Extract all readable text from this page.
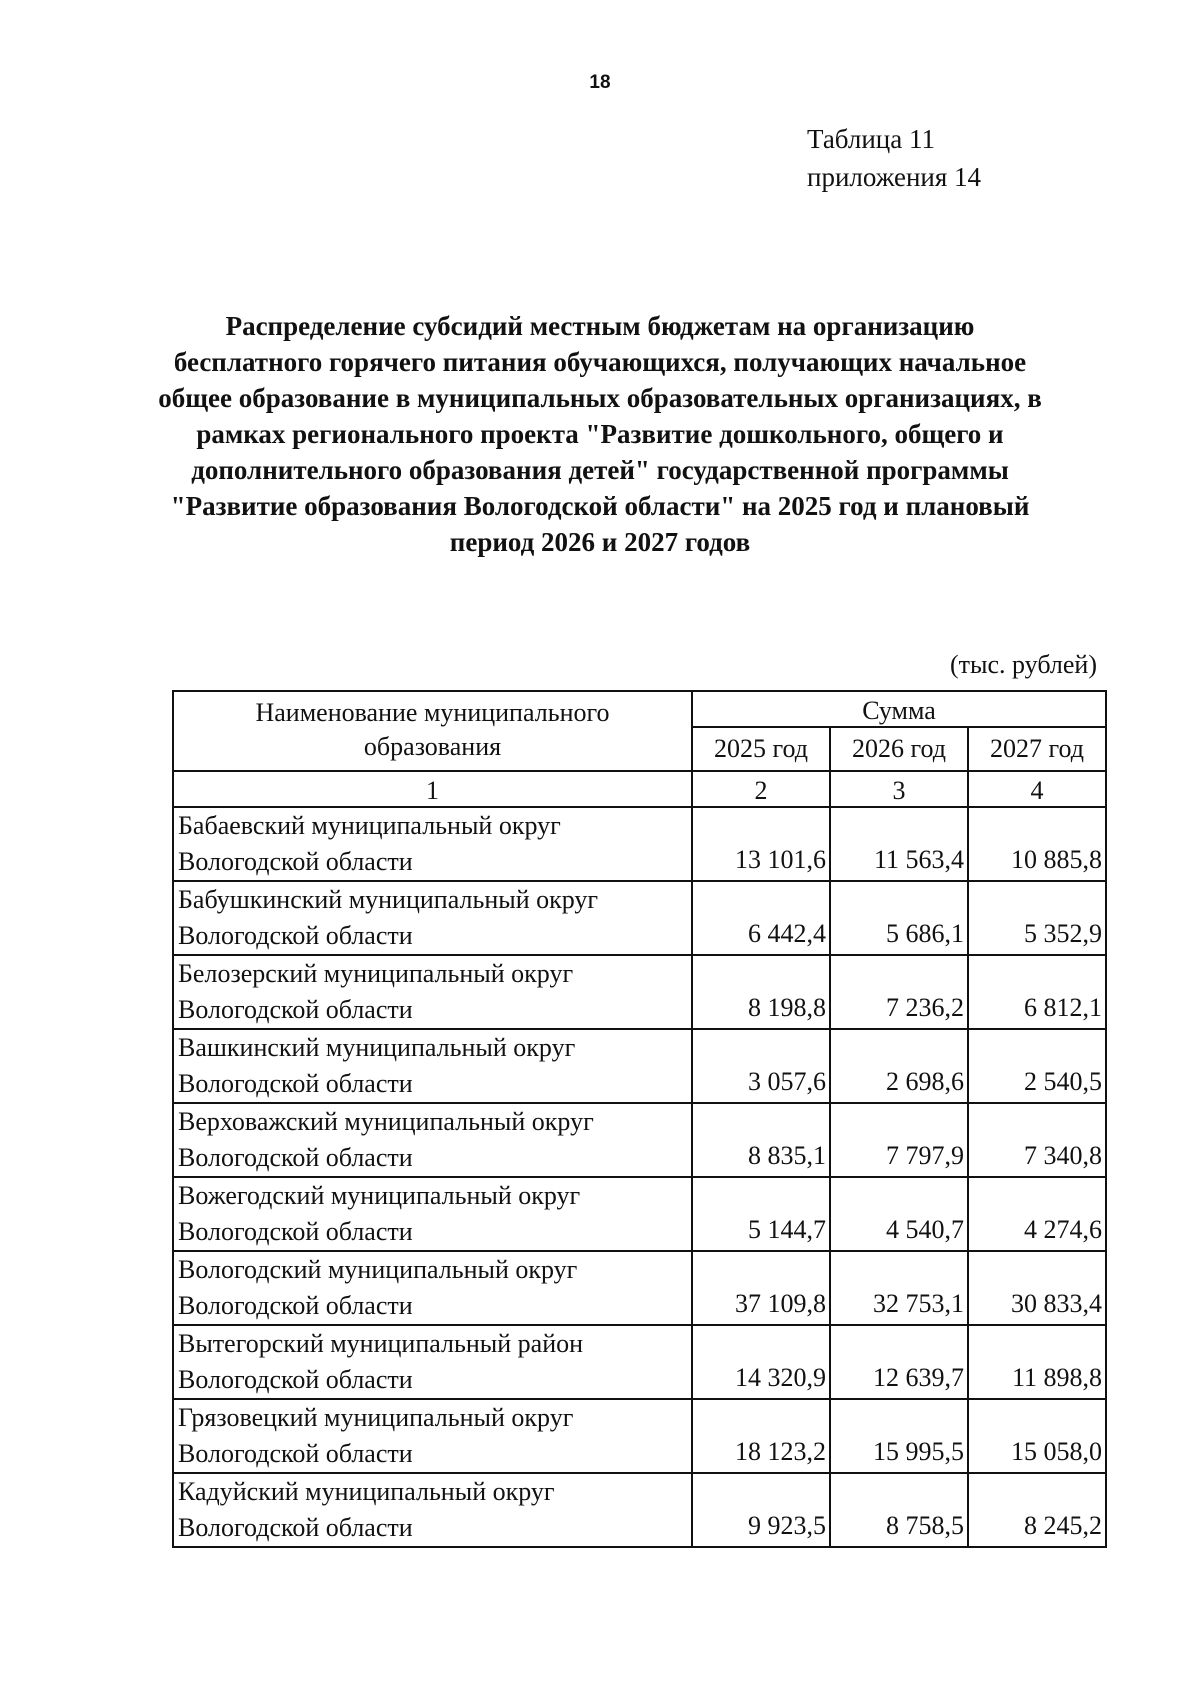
18
Таблица 11
приложения 14
Распределение субсидий местным бюджетам на организацию
бесплатного горячего питания обучающихся, получающих начальное
общее образование в муниципальных образовательных организациях, в
рамках регионального проекта "Развитие дошкольного, общего и
дополнительного образования детей" государственной программы
"Развитие образования Вологодской области" на 2025 год и плановый
период 2026 и 2027 годов
(тыс. рублей)
Наименование муниципального
образования	Сумма		
	2025 год	2026 год	2027 год
1	2	3	4

Бабаевский муниципальный округ
Вологодской области	13 101,6	11 563,4	10 885,8

Бабушкинский муниципальный округ
Вологодской области	6 442,4	5 686,1	5 352,9

Белозерский муниципальный округ
Вологодской области	8 198,8	7 236,2	6 812,1

Вашкинский муниципальный округ
Вологодской области	3 057,6	2 698,6	2 540,5

Верховажский муниципальный округ
Вологодской области	8 835,1	7 797,9	7 340,8

Вожегодский муниципальный округ
Вологодской области	5 144,7	4 540,7	4 274,6

Вологодский муниципальный округ
Вологодской области	37 109,8	32 753,1	30 833,4

Вытегорский муниципальный район
Вологодской области	14 320,9	12 639,7	11 898,8

Грязовецкий муниципальный округ
Вологодской области	18 123,2	15 995,5	15 058,0

Кадуйский муниципальный округ
Вологодской области	9 923,5	8 758,5	8 245,2
